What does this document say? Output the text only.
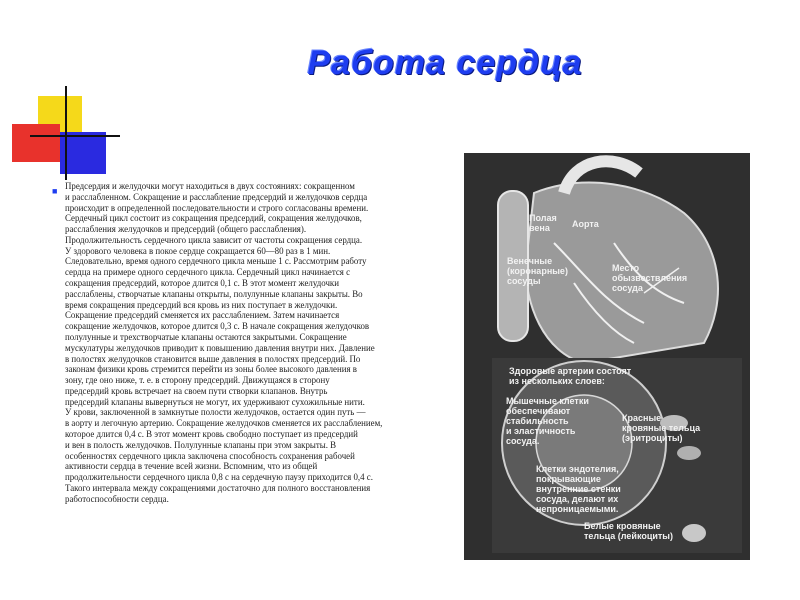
Работа сердца
■ Предсердия и желудочки могут находиться в двух состояниях: сокращенном

и расслабленном. Сокращение и расслабление предсердий и желудочков сердца

происходит в определенной последовательности и строго согласованы времени.

Сердечный цикл состоит из сокращения предсердий, сокращения желудочков,

расслабления желудочков и предсердий (общего расслабления).

Продолжительность сердечного цикла зависит от частоты сокращения сердца.

У здорового человека в покое сердце сокращается 60—80 раз в 1 мин.

Следовательно, время одного сердечного цикла меньше 1 с. Рассмотрим работу

сердца на примере одного сердечного цикла. Сердечный цикл начинается с

сокращения предсердий, которое длится 0,1 с. В этот момент желудочки

расслаблены, створчатые клапаны открыты, полулунные клапаны закрыты. Во

время сокращения предсердий вся кровь из них поступает в желудочки.

Сокращение предсердий сменяется их расслаблением. Затем начинается

сокращение желудочков, которое длится 0,3 с. В начале сокращения желудочков

полулунные и трехстворчатые клапаны остаются закрытыми. Сокращение

мускулатуры желудочков приводит к повышению давления внутри них. Давление

в полостях желудочков становится выше давления в полостях предсердий. По

законам физики кровь стремится перейти из зоны более высокого давления в

зону, где оно ниже, т. е. в сторону предсердий. Движущаяся в сторону

предсердий кровь встречает на своем пути створки клапанов. Внутрь

предсердий клапаны вывернуться не могут, их удерживают сухожильные нити.

У крови, заключенной в замкнутые полости желудочков, остается один путь —

в аорту и легочную артерию. Сокращение желудочков сменяется их расслаблением,

которое длится 0,4 с. В этот момент кровь свободно поступает из предсердий

и вен в полость желудочков. Полулунные клапаны при этом закрыты. В

особенностях сердечного цикла заключена способность сохранения рабочей

активности сердца в течение всей жизни. Вспомним, что из общей

продолжительности сердечного цикла 0,8 с на сердечную паузу приходится 0,4 с.

Такого интервала между сокращениями достаточно для полного восстановления

работоспособности сердца.

Полая
вена	Аорта
Венечные
(коронарные)
сосуды
Место
обызвествления
сосуда
Здоровые артерии состоят
из нескольких слоев:
Мышечные клетки
обеспечивают
стабильность
и эластичность
сосуда.
Красные
кровяные тельца
(эритроциты)
Клетки эндотелия,
покрывающие
внутренние стенки
сосуда, делают их
непроницаемыми.
Белые кровяные
тельца (лейкоциты)
